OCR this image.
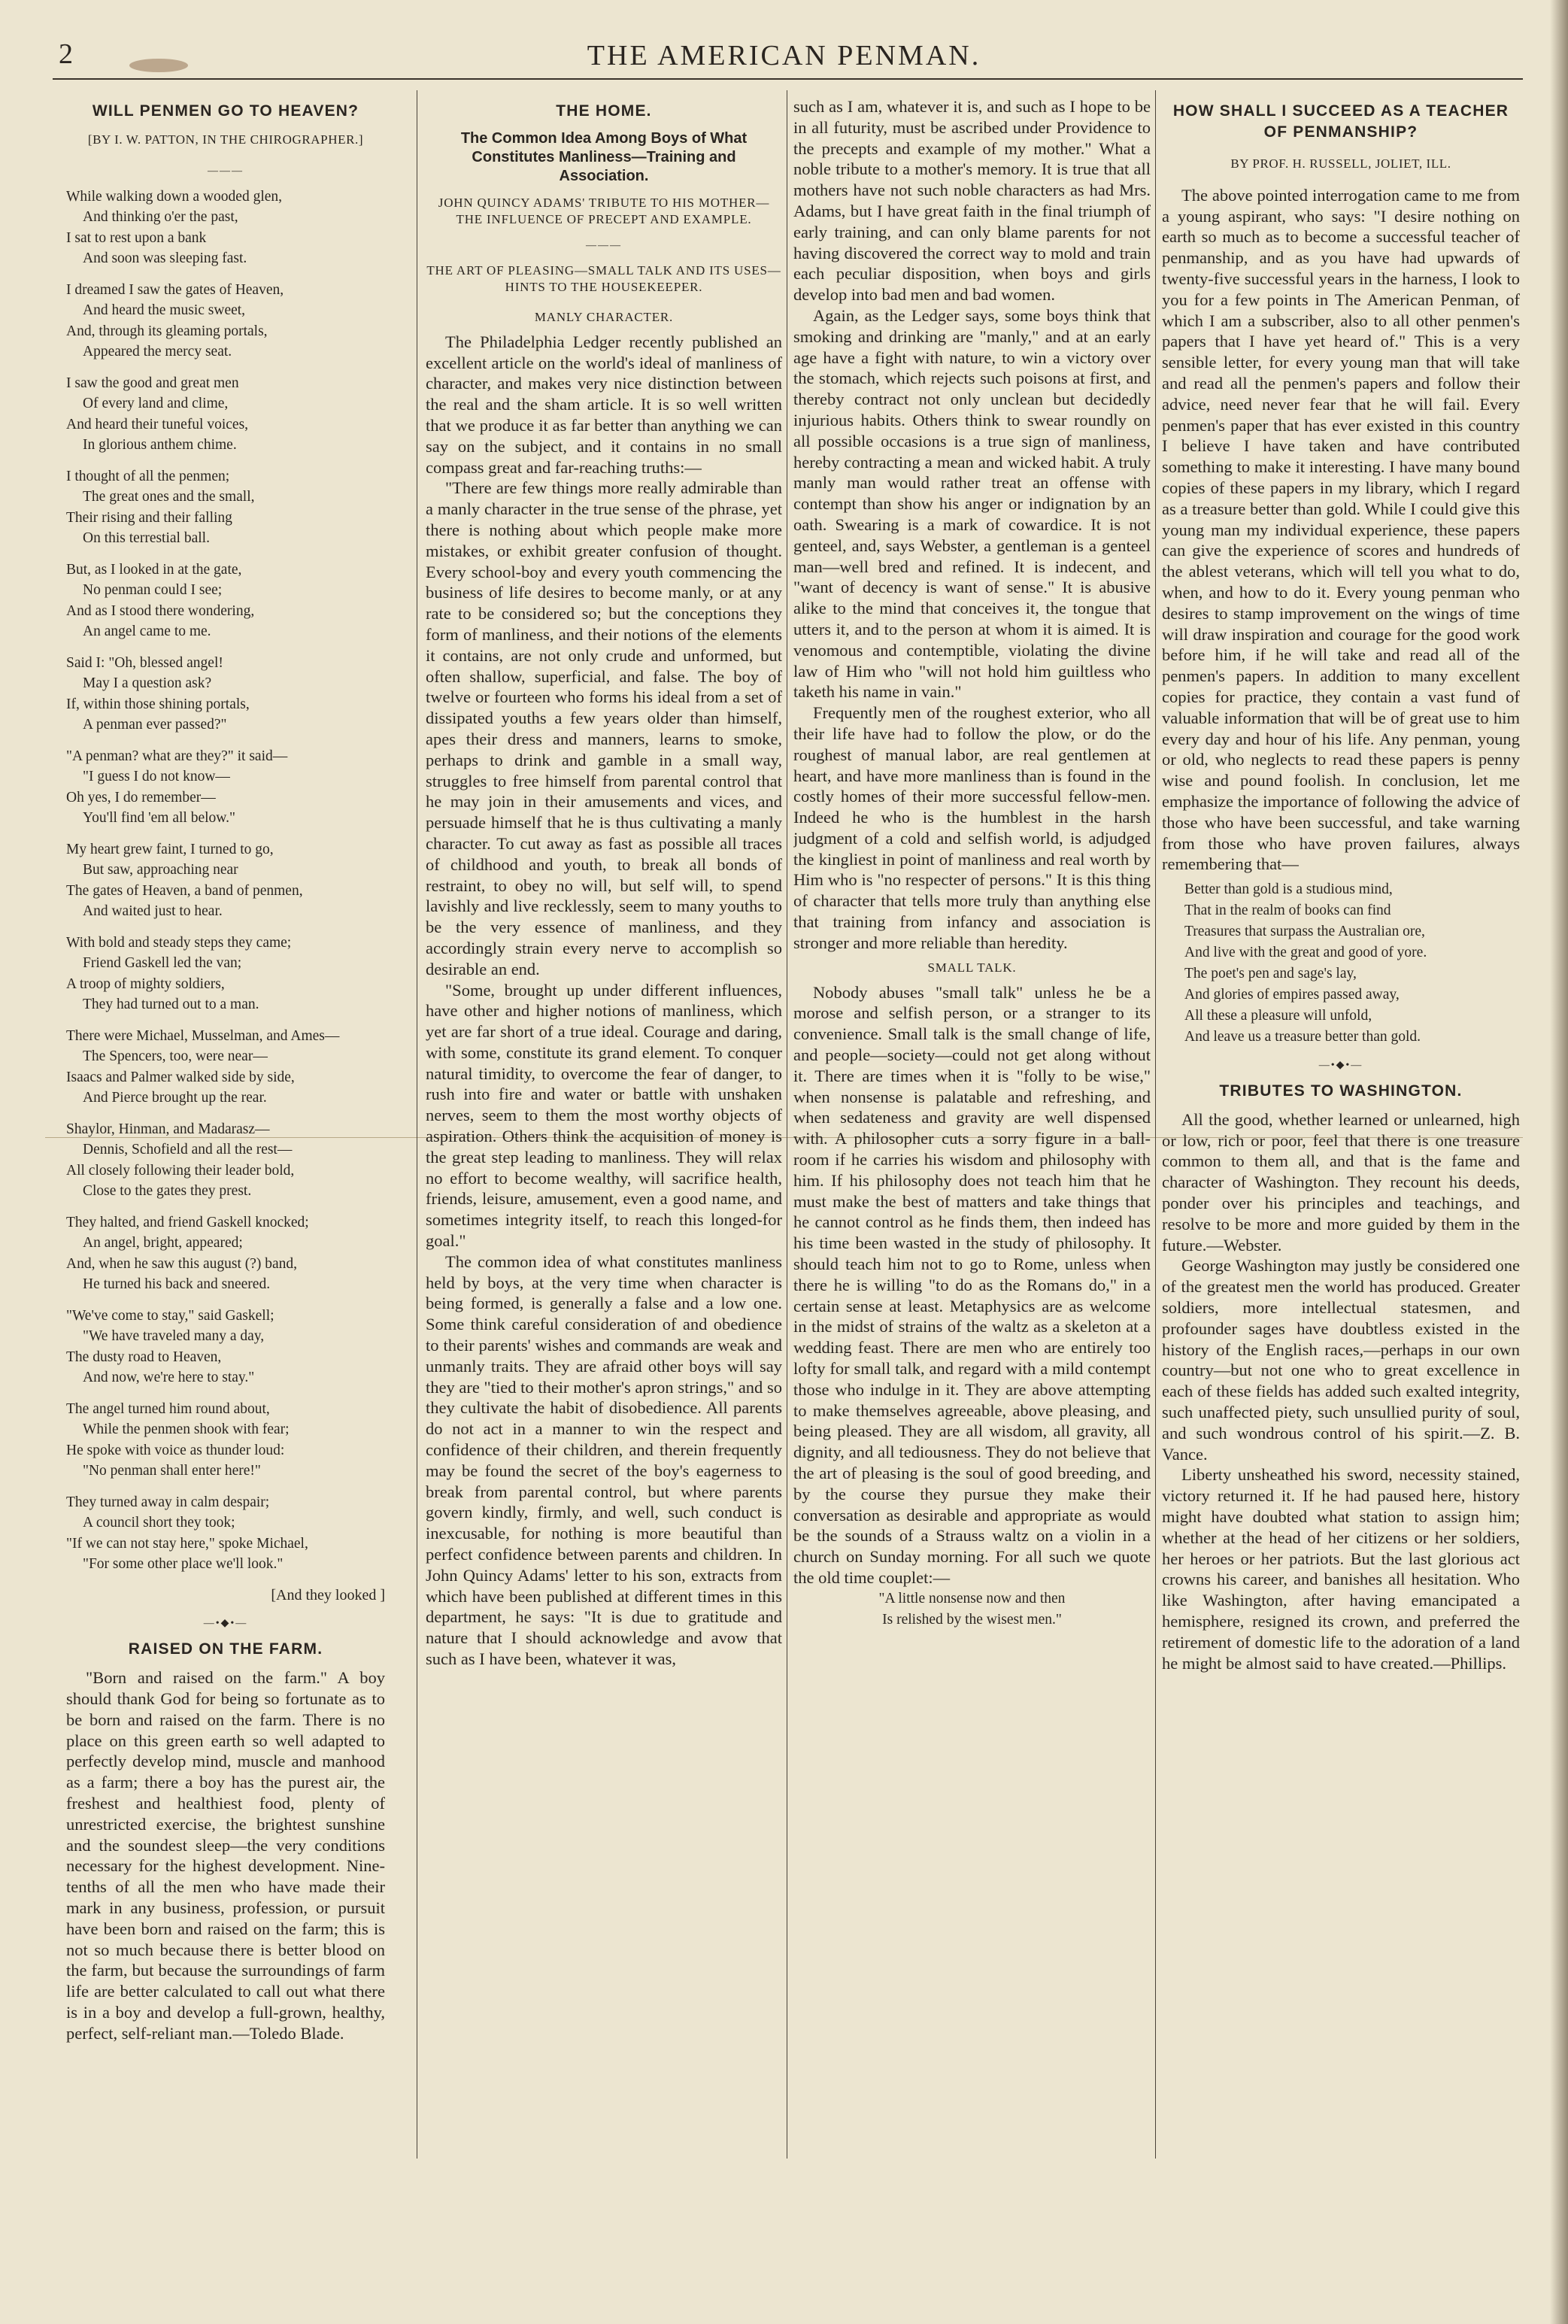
2	THE AMERICAN PENMAN.
WILL PENMEN GO TO HEAVEN?
[BY I. W. PATTON, IN THE CHIROGRAPHER.]
———
While walking down a wooded glen,
And thinking o'er the past,
I sat to rest upon a bank
And soon was sleeping fast.
I dreamed I saw the gates of Heaven,
And heard the music sweet,
And, through its gleaming portals,
Appeared the mercy seat.
I saw the good and great men
Of every land and clime,
And heard their tuneful voices,
In glorious anthem chime.
I thought of all the penmen;
The great ones and the small,
Their rising and their falling
On this terrestial ball.
But, as I looked in at the gate,
No penman could I see;
And as I stood there wondering,
An angel came to me.
Said I: "Oh, blessed angel!
May I a question ask?
If, within those shining portals,
A penman ever passed?"
"A penman? what are they?" it said—
"I guess I do not know—
Oh yes, I do remember—
You'll find 'em all below."
My heart grew faint, I turned to go,
But saw, approaching near
The gates of Heaven, a band of penmen,
And waited just to hear.
With bold and steady steps they came;
Friend Gaskell led the van;
A troop of mighty soldiers,
They had turned out to a man.
There were Michael, Musselman, and Ames—
The Spencers, too, were near—
Isaacs and Palmer walked side by side,
And Pierce brought up the rear.
Shaylor, Hinman, and Madarasz—
Dennis, Schofield and all the rest—
All closely following their leader bold,
Close to the gates they prest.
They halted, and friend Gaskell knocked;
An angel, bright, appeared;
And, when he saw this august (?) band,
He turned his back and sneered.
"We've come to stay," said Gaskell;
"We have traveled many a day,
The dusty road to Heaven,
And now, we're here to stay."
The angel turned him round about,
While the penmen shook with fear;
He spoke with voice as thunder loud:
"No penman shall enter here!"
They turned away in calm despair;
A council short they took;
"If we can not stay here," spoke Michael,
"For some other place we'll look."
[And they looked ]
—•◆•—
RAISED ON THE FARM.

"Born and raised on the farm." A boy should thank God for being so fortunate as to be born and raised on the farm. There is no place on this green earth so well adapted to perfectly develop mind, muscle and manhood as a farm; there a boy has the purest air, the freshest and healthiest food, plenty of unrestricted exercise, the brightest sunshine and the soundest sleep—the very conditions necessary for the highest development. Nine-tenths of all the men who have made their mark in any business, profession, or pursuit have been born and raised on the farm; this is not so much because there is better blood on the farm, but because the surroundings of farm life are better calculated to call out what there is in a boy and develop a full-grown, healthy, perfect, self-reliant man.—Toledo Blade.

THE HOME.
The Common Idea Among Boys of What Constitutes Manliness—Training and Association.
JOHN QUINCY ADAMS' TRIBUTE TO HIS MOTHER—THE INFLUENCE OF PRECEPT AND EXAMPLE.
———
THE ART OF PLEASING—SMALL TALK AND ITS USES—HINTS TO THE HOUSEKEEPER.
MANLY CHARACTER.

The Philadelphia Ledger recently published an excellent article on the world's ideal of manliness of character, and makes very nice distinction between the real and the sham article. It is so well written that we produce it as far better than anything we can say on the subject, and it contains in no small compass great and far-reaching truths:—

"There are few things more really admirable than a manly character in the true sense of the phrase, yet there is nothing about which people make more mistakes, or exhibit greater confusion of thought. Every school-boy and every youth commencing the business of life desires to become manly, or at any rate to be considered so; but the conceptions they form of manliness, and their notions of the elements it contains, are not only crude and unformed, but often shallow, superficial, and false. The boy of twelve or fourteen who forms his ideal from a set of dissipated youths a few years older than himself, apes their dress and manners, learns to smoke, perhaps to drink and gamble in a small way, struggles to free himself from parental control that he may join in their amusements and vices, and persuade himself that he is thus cultivating a manly character. To cut away as fast as possible all traces of childhood and youth, to break all bonds of restraint, to obey no will, but self will, to spend lavishly and live recklessly, seem to many youths to be the very essence of manliness, and they accordingly strain every nerve to accomplish so desirable an end.

"Some, brought up under different influences, have other and higher notions of manliness, which yet are far short of a true ideal. Courage and daring, with some, constitute its grand element. To conquer natural timidity, to overcome the fear of danger, to rush into fire and water or battle with unshaken nerves, seem to them the most worthy objects of aspiration. Others think the acquisition of money is the great step leading to manliness. They will relax no effort to become wealthy, will sacrifice health, friends, leisure, amusement, even a good name, and sometimes integrity itself, to reach this longed-for goal."

The common idea of what constitutes manliness held by boys, at the very time when character is being formed, is generally a false and a low one. Some think careful consideration of and obedience to their parents' wishes and commands are weak and unmanly traits. They are afraid other boys will say they are "tied to their mother's apron strings," and so they cultivate the habit of disobedience. All parents do not act in a manner to win the respect and confidence of their children, and therein frequently may be found the secret of the boy's eagerness to break from parental control, but where parents govern kindly, firmly, and well, such conduct is inexcusable, for nothing is more beautiful than perfect confidence between parents and children. In John Quincy Adams' letter to his son, extracts from which have been published at different times in this department, he says: "It is due to gratitude and nature that I should acknowledge and avow that such as I have been, whatever it was,

such as I am, whatever it is, and such as I hope to be in all futurity, must be ascribed under Providence to the precepts and example of my mother." What a noble tribute to a mother's memory. It is true that all mothers have not such noble characters as had Mrs. Adams, but I have great faith in the final triumph of early training, and can only blame parents for not having discovered the correct way to mold and train each peculiar disposition, when boys and girls develop into bad men and bad women.

Again, as the Ledger says, some boys think that smoking and drinking are "manly," and at an early age have a fight with nature, to win a victory over the stomach, which rejects such poisons at first, and thereby contract not only unclean but decidedly injurious habits. Others think to swear roundly on all possible occasions is a true sign of manliness, hereby contracting a mean and wicked habit. A truly manly man would rather treat an offense with contempt than show his anger or indignation by an oath. Swearing is a mark of cowardice. It is not genteel, and, says Webster, a gentleman is a genteel man—well bred and refined. It is indecent, and "want of decency is want of sense." It is abusive alike to the mind that conceives it, the tongue that utters it, and to the person at whom it is aimed. It is venomous and contemptible, violating the divine law of Him who "will not hold him guiltless who taketh his name in vain."

Frequently men of the roughest exterior, who all their life have had to follow the plow, or do the roughest of manual labor, are real gentlemen at heart, and have more manliness than is found in the costly homes of their more successful fellow-men. Indeed he who is the humblest in the harsh judgment of a cold and selfish world, is adjudged the kingliest in point of manliness and real worth by Him who is "no respecter of persons." It is this thing of character that tells more truly than anything else that training from infancy and association is stronger and more reliable than heredity.

SMALL TALK.

Nobody abuses "small talk" unless he be a morose and selfish person, or a stranger to its convenience. Small talk is the small change of life, and people—society—could not get along without it. There are times when it is "folly to be wise," when nonsense is palatable and refreshing, and when sedateness and gravity are well dispensed with. A philosopher cuts a sorry figure in a ball-room if he carries his wisdom and philosophy with him. If his philosophy does not teach him that he must make the best of matters and take things that he cannot control as he finds them, then indeed has his time been wasted in the study of philosophy. It should teach him not to go to Rome, unless when there he is willing "to do as the Romans do," in a certain sense at least. Metaphysics are as welcome in the midst of strains of the waltz as a skeleton at a wedding feast. There are men who are entirely too lofty for small talk, and regard with a mild contempt those who indulge in it. They are above attempting to make themselves agreeable, above pleasing, and being pleased. They are all wisdom, all gravity, all dignity, and all tediousness. They do not believe that the art of pleasing is the soul of good breeding, and by the course they pursue they make their conversation as desirable and appropriate as would be the sounds of a Strauss waltz on a violin in a church on Sunday morning. For all such we quote the old time couplet:—

"A little nonsense now and then
Is relished by the wisest men."
HOW SHALL I SUCCEED AS A TEACHER OF PENMANSHIP?
BY PROF. H. RUSSELL, JOLIET, ILL.

The above pointed interrogation came to me from a young aspirant, who says: "I desire nothing on earth so much as to become a successful teacher of penmanship, and as you have had upwards of twenty-five successful years in the harness, I look to you for a few points in The American Penman, of which I am a subscriber, also to all other penmen's papers that I have yet heard of." This is a very sensible letter, for every young man that will take and read all the penmen's papers and follow their advice, need never fear that he will fail. Every penmen's paper that has ever existed in this country I believe I have taken and have contributed something to make it interesting. I have many bound copies of these papers in my library, which I regard as a treasure better than gold. While I could give this young man my individual experience, these papers can give the experience of scores and hundreds of the ablest veterans, which will tell you what to do, when, and how to do it. Every young penman who desires to stamp improvement on the wings of time will draw inspiration and courage for the good work before him, if he will take and read all of the penmen's papers. In addition to many excellent copies for practice, they contain a vast fund of valuable information that will be of great use to him every day and hour of his life. Any penman, young or old, who neglects to read these papers is penny wise and pound foolish. In conclusion, let me emphasize the importance of following the advice of those who have been successful, and take warning from those who have proven failures, always remembering that—

Better than gold is a studious mind,
That in the realm of books can find
Treasures that surpass the Australian ore,
And live with the great and good of yore.
The poet's pen and sage's lay,
And glories of empires passed away,
All these a pleasure will unfold,
And leave us a treasure better than gold.
—•◆•—
TRIBUTES TO WASHINGTON.

All the good, whether learned or unlearned, high or low, rich or poor, feel that there is one treasure common to them all, and that is the fame and character of Washington. They recount his deeds, ponder over his principles and teachings, and resolve to be more and more guided by them in the future.—Webster.

George Washington may justly be considered one of the greatest men the world has produced. Greater soldiers, more intellectual statesmen, and profounder sages have doubtless existed in the history of the English races,—perhaps in our own country—but not one who to great excellence in each of these fields has added such exalted integrity, such unaffected piety, such unsullied purity of soul, and such wondrous control of his spirit.—Z. B. Vance.

Liberty unsheathed his sword, necessity stained, victory returned it. If he had paused here, history might have doubted what station to assign him; whether at the head of her citizens or her soldiers, her heroes or her patriots. But the last glorious act crowns his career, and banishes all hesitation. Who like Washington, after having emancipated a hemisphere, resigned its crown, and preferred the retirement of domestic life to the adoration of a land he might be almost said to have created.—Phillips.
